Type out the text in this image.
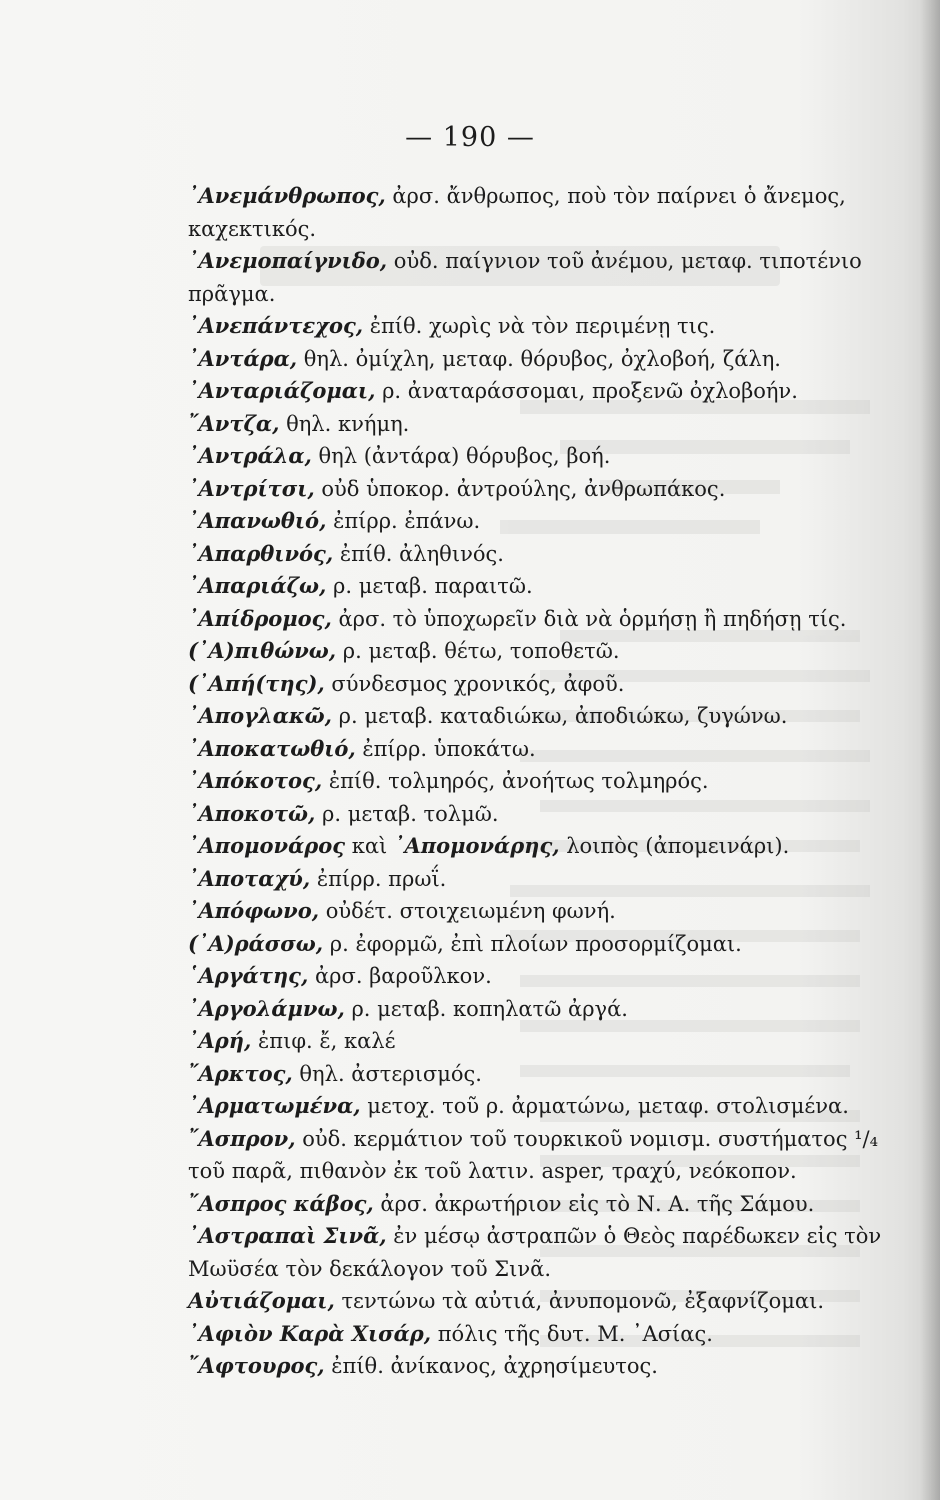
— 190 —
᾿Ανεμάνθρωπος, ἀρσ. ἄνθρωπος, ποὺ τὸν παίρνει ὁ ἄνεμος,
καχεκτικός.
᾿Ανεμοπαίγνιδο, οὐδ. παίγνιον τοῦ ἀνέμου, μεταφ. τιποτένιο
πρᾶγμα.
᾿Ανεπάντεχος, ἐπίθ. χωρὶς νὰ τὸν περιμένῃ τις.
᾿Αντάρα, θηλ. ὀμίχλη, μεταφ. θόρυβος, ὀχλοβοή, ζάλη.
᾿Ανταριάζομαι, ρ. ἀναταράσσομαι, προξενῶ ὀχλοβοήν.
῎Αντζα, θηλ. κνήμη.
᾿Αντράλα, θηλ (ἀντάρα) θόρυβος, βοή.
᾿Αντρίτσι, οὐδ ὑποκορ. ἀντρούλης, ἀνθρωπάκος.
᾿Απανωθιό, ἐπίρρ. ἐπάνω.
᾿Απαρθινός, ἐπίθ. ἀληθινός.
᾿Απαριάζω, ρ. μεταβ. παραιτῶ.
᾿Απίδρομος, ἀρσ. τὸ ὑποχωρεῖν διὰ νὰ ὁρμήσῃ ἢ πηδήσῃ τίς.
(᾿Α)πιθώνω, ρ. μεταβ. θέτω, τοποθετῶ.
(᾿Απή(της), σύνδεσμος χρονικός, ἀφοῦ.
᾿Απογλακῶ, ρ. μεταβ. καταδιώκω, ἀποδιώκω, ζυγώνω.
᾿Αποκατωθιό, ἐπίρρ. ὑποκάτω.
᾿Απόκοτος, ἐπίθ. τολμηρός, ἀνοήτως τολμηρός.
᾿Αποκοτῶ, ρ. μεταβ. τολμῶ.
᾿Απομονάρος καὶ ᾿Απομονάρης, λοιπὸς (ἀπομεινάρι).
᾿Αποταχύ, ἐπίρρ. πρωΐ.
᾿Απόφωνο, οὐδέτ. στοιχειωμένη φωνή.
(᾿Α)ράσσω, ρ. ἐφορμῶ, ἐπὶ πλοίων προσορμίζομαι.
῾Αργάτης, ἀρσ. βαροῦλκον.
᾿Αργολάμνω, ρ. μεταβ. κοπηλατῶ ἀργά.
᾿Αρή, ἐπιφ. ἔ, καλέ
῎Αρκτος, θηλ. ἀστερισμός.
᾿Αρματωμένα, μετοχ. τοῦ ρ. ἀρματώνω, μεταφ. στολισμένα.
῎Ασπρον, οὐδ. κερμάτιον τοῦ τουρκικοῦ νομισμ. συστήματος ¹/₄
τοῦ παρᾶ, πιθανὸν ἐκ τοῦ λατιν. asper, τραχύ, νεόκοπον.
῎Ασπρος κάβος, ἀρσ. ἀκρωτήριον εἰς τὸ Ν. Α. τῆς Σάμου.
᾿Αστραπαὶ Σινᾶ, ἐν μέσῳ ἀστραπῶν ὁ Θεὸς παρέδωκεν εἰς τὸν
Μωϋσέα τὸν δεκάλογον τοῦ Σινᾶ.
Αὐτιάζομαι, τεντώνω τὰ αὐτιά, ἀνυπομονῶ, ἐξαφνίζομαι.
᾿Αφιὸν Καρὰ Χισάρ, πόλις τῆς δυτ. Μ. ᾿Ασίας.
῎Αφτουρος, ἐπίθ. ἀνίκανος, ἀχρησίμευτος.
